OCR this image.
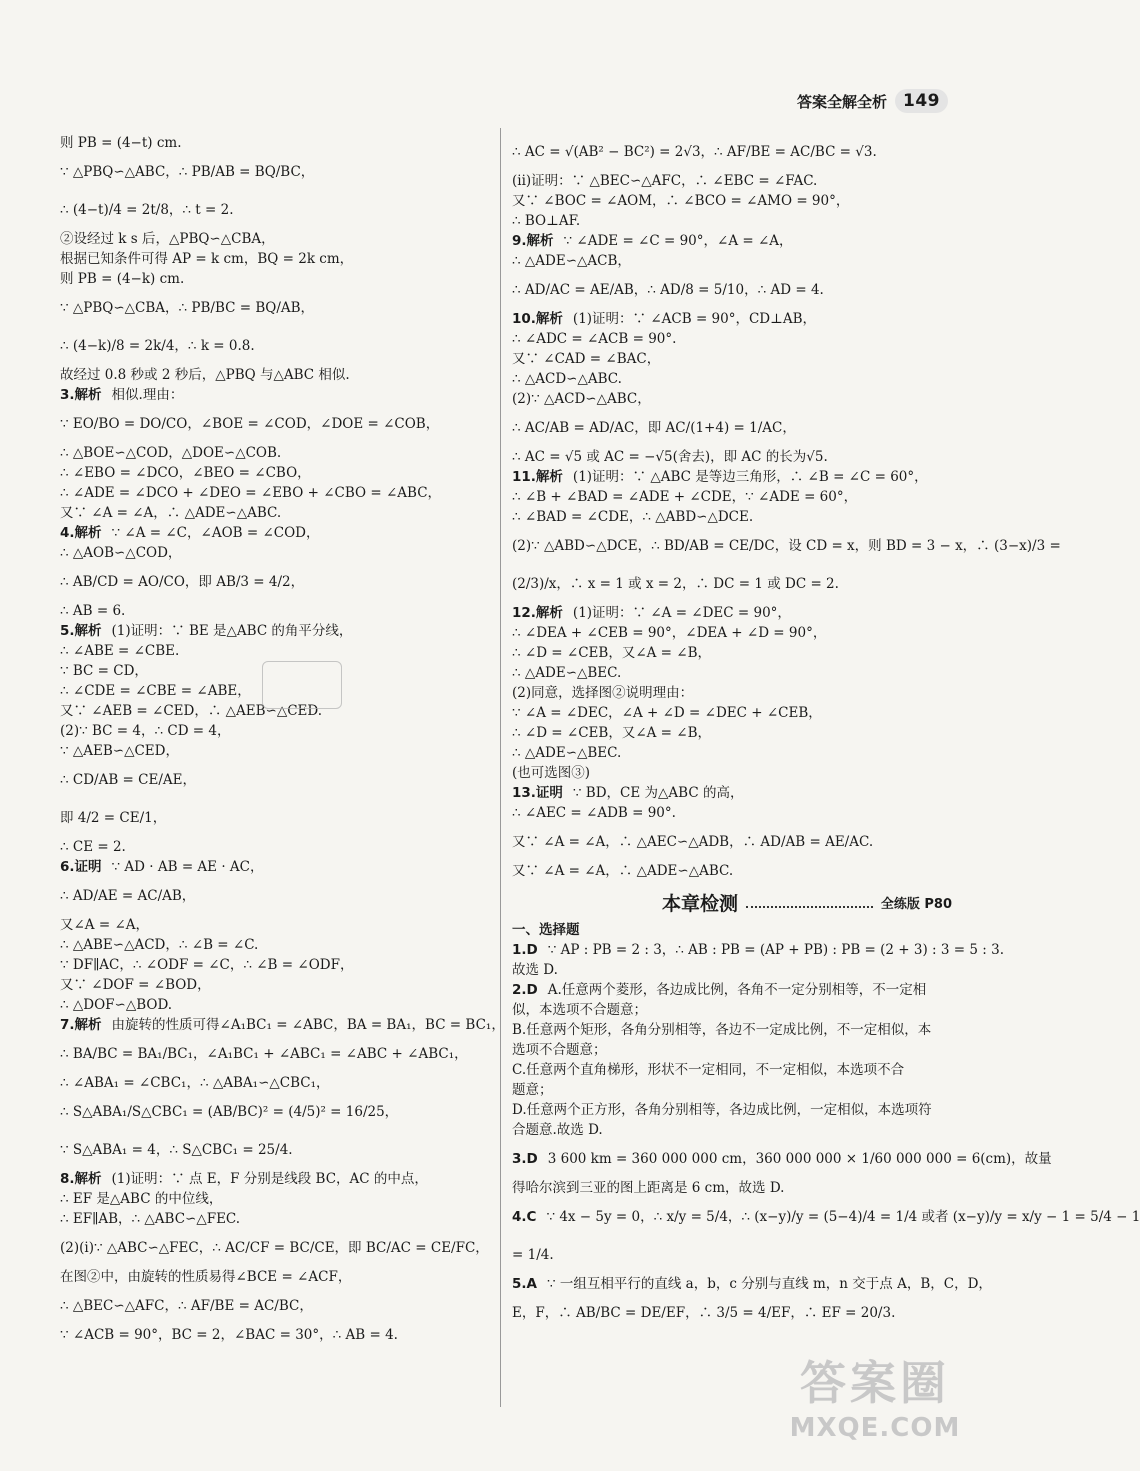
答案全解全析 149
则 PB = (4−t) cm.
∵ △PBQ∽△ABC，∴ PB/AB = BQ/BC，
∴ (4−t)/4 = 2t/8，∴ t = 2.
②设经过 k s 后，△PBQ∽△CBA，
根据已知条件可得 AP = k cm，BQ = 2k cm，
则 PB = (4−k) cm.
∵ △PBQ∽△CBA，∴ PB/BC = BQ/AB，
∴ (4−k)/8 = 2k/4，∴ k = 0.8.
故经过 0.8 秒或 2 秒后，△PBQ 与△ABC 相似.
3.解析 相似.理由：
∵ EO/BO = DO/CO，∠BOE = ∠COD，∠DOE = ∠COB，
∴ △BOE∽△COD，△DOE∽△COB.
∴ ∠EBO = ∠DCO，∠BEO = ∠CBO，
∴ ∠ADE = ∠DCO + ∠DEO = ∠EBO + ∠CBO = ∠ABC，
又∵ ∠A = ∠A，∴ △ADE∽△ABC.
4.解析 ∵ ∠A = ∠C，∠AOB = ∠COD，
∴ △AOB∽△COD，
∴ AB/CD = AO/CO，即 AB/3 = 4/2，
∴ AB = 6.
5.解析 (1)证明：∵ BE 是△ABC 的角平分线，
∴ ∠ABE = ∠CBE.
∵ BC = CD，
∴ ∠CDE = ∠CBE = ∠ABE，
又∵ ∠AEB = ∠CED，∴ △AEB∽△CED.
(2)∵ BC = 4，∴ CD = 4，
∵ △AEB∽△CED，
∴ CD/AB = CE/AE，
即 4/2 = CE/1，
∴ CE = 2.
6.证明 ∵ AD · AB = AE · AC，
∴ AD/AE = AC/AB，
又∠A = ∠A，
∴ △ABE∽△ACD，∴ ∠B = ∠C.
∵ DF∥AC，∴ ∠ODF = ∠C，∴ ∠B = ∠ODF，
又∵ ∠DOF = ∠BOD，
∴ △DOF∽△BOD.
7.解析 由旋转的性质可得∠A₁BC₁ = ∠ABC，BA = BA₁，BC = BC₁，
∴ BA/BC = BA₁/BC₁，∠A₁BC₁ + ∠ABC₁ = ∠ABC + ∠ABC₁，
∴ ∠ABA₁ = ∠CBC₁，∴ △ABA₁∽△CBC₁，
∴ S△ABA₁/S△CBC₁ = (AB/BC)² = (4/5)² = 16/25，
∵ S△ABA₁ = 4，∴ S△CBC₁ = 25/4.
8.解析 (1)证明：∵ 点 E，F 分别是线段 BC，AC 的中点，
∴ EF 是△ABC 的中位线，
∴ EF∥AB，∴ △ABC∽△FEC.
(2)(i)∵ △ABC∽△FEC，∴ AC/CF = BC/CE，即 BC/AC = CE/FC，
在图②中，由旋转的性质易得∠BCE = ∠ACF，
∴ △BEC∽△AFC，∴ AF/BE = AC/BC，
∵ ∠ACB = 90°，BC = 2，∠BAC = 30°，∴ AB = 4.
∴ AC = √(AB² − BC²) = 2√3，∴ AF/BE = AC/BC = √3.
(ii)证明：∵ △BEC∽△AFC，∴ ∠EBC = ∠FAC.
又∵ ∠BOC = ∠AOM，∴ ∠BCO = ∠AMO = 90°，
∴ BO⊥AF.
9.解析 ∵ ∠ADE = ∠C = 90°，∠A = ∠A，
∴ △ADE∽△ACB，
∴ AD/AC = AE/AB，∴ AD/8 = 5/10，∴ AD = 4.
10.解析 (1)证明：∵ ∠ACB = 90°，CD⊥AB，
∴ ∠ADC = ∠ACB = 90°.
又∵ ∠CAD = ∠BAC，
∴ △ACD∽△ABC.
(2)∵ △ACD∽△ABC，
∴ AC/AB = AD/AC，即 AC/(1+4) = 1/AC，
∴ AC = √5 或 AC = −√5(舍去)，即 AC 的长为√5.
11.解析 (1)证明：∵ △ABC 是等边三角形，∴ ∠B = ∠C = 60°，
∴ ∠B + ∠BAD = ∠ADE + ∠CDE，∵ ∠ADE = 60°，
∴ ∠BAD = ∠CDE，∴ △ABD∽△DCE.
(2)∵ △ABD∽△DCE，∴ BD/AB = CE/DC，设 CD = x，则 BD = 3 − x，∴ (3−x)/3 =
(2/3)/x，∴ x = 1 或 x = 2，∴ DC = 1 或 DC = 2.
12.解析 (1)证明：∵ ∠A = ∠DEC = 90°，
∴ ∠DEA + ∠CEB = 90°，∠DEA + ∠D = 90°，
∴ ∠D = ∠CEB，又∠A = ∠B，
∴ △ADE∽△BEC.
(2)同意，选择图②说明理由：
∵ ∠A = ∠DEC，∠A + ∠D = ∠DEC + ∠CEB，
∴ ∠D = ∠CEB，又∠A = ∠B，
∴ △ADE∽△BEC.
(也可选图③)
13.证明 ∵ BD，CE 为△ABC 的高，
∴ ∠AEC = ∠ADB = 90°.
又∵ ∠A = ∠A，∴ △AEC∽△ADB，∴ AD/AB = AE/AC.
又∵ ∠A = ∠A，∴ △ADE∽△ABC.
本章检测	全练版 P80
一、选择题
1.D ∵ AP : PB = 2 : 3，∴ AB : PB = (AP + PB) : PB = (2 + 3) : 3 = 5 : 3.
故选 D.
2.D A.任意两个菱形，各边成比例，各角不一定分别相等，不一定相
似，本选项不合题意；
B.任意两个矩形，各角分别相等，各边不一定成比例，不一定相似，本
选项不合题意；
C.任意两个直角梯形，形状不一定相同，不一定相似，本选项不合
题意；
D.任意两个正方形，各角分别相等，各边成比例，一定相似，本选项符
合题意.故选 D.
3.D 3 600 km = 360 000 000 cm，360 000 000 × 1/60 000 000 = 6(cm)，故量
得哈尔滨到三亚的图上距离是 6 cm，故选 D.
4.C ∵ 4x − 5y = 0，∴ x/y = 5/4，∴ (x−y)/y = (5−4)/4 = 1/4 或者 (x−y)/y = x/y − 1 = 5/4 − 1
= 1/4.
5.A ∵ 一组互相平行的直线 a，b，c 分别与直线 m，n 交于点 A，B，C，D，
E，F，∴ AB/BC = DE/EF，∴ 3/5 = 4/EF，∴ EF = 20/3.
答案圈
MXQE.COM
